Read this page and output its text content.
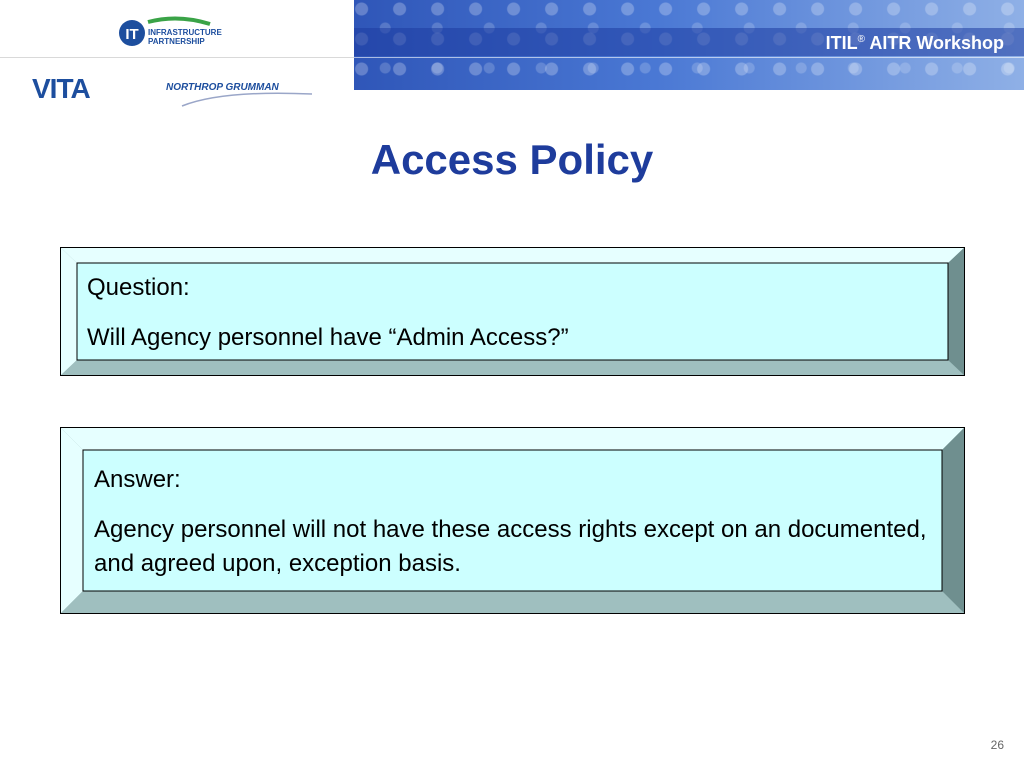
ITIL® AITR Workshop
IT INFRASTRUCTURE
PARTNERSHIP
VITA	NORTHROP GRUMMAN
Access Policy
Question:
Will Agency personnel have “Admin Access?”
Answer:
Agency personnel will not have these access rights except on an documented, and agreed upon, exception basis.
26
